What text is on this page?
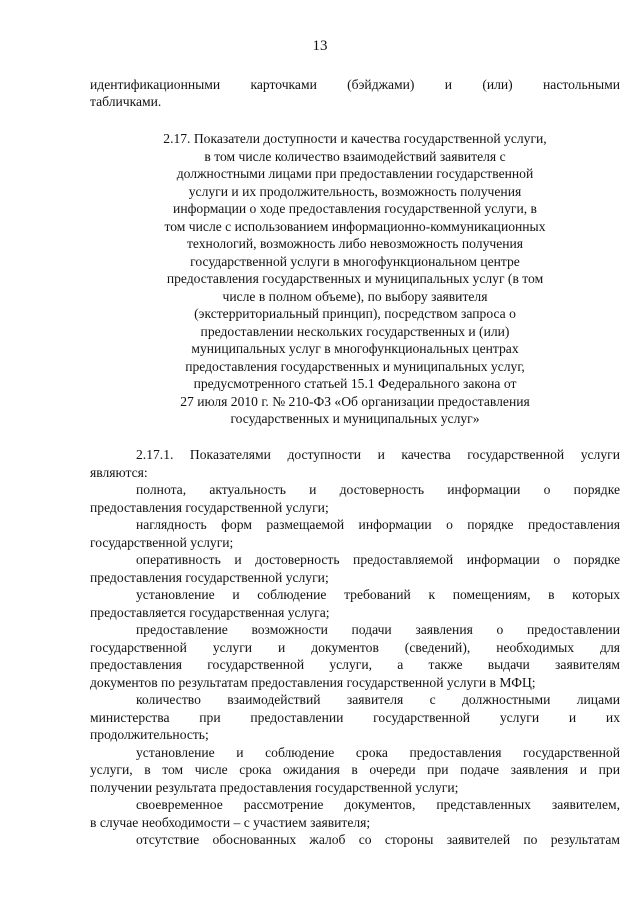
13
идентификационными карточками (бэйджами) и (или) настольными
табличками.
2.17. Показатели доступности и качества государственной услуги,
в том числе количество взаимодействий заявителя с
должностными лицами при предоставлении государственной
услуги и их продолжительность, возможность получения
информации о ходе предоставления государственной услуги, в
том числе с использованием информационно-коммуникационных
технологий, возможность либо невозможность получения
государственной услуги в многофункциональном центре
предоставления государственных и муниципальных услуг (в том
числе в полном объеме), по выбору заявителя
(экстерриториальный принцип), посредством запроса о
предоставлении нескольких государственных и (или)
муниципальных услуг в многофункциональных центрах
предоставления государственных и муниципальных услуг,
предусмотренного статьей 15.1 Федерального закона от
27 июля 2010 г. № 210-ФЗ «Об организации предоставления
государственных и муниципальных услуг»
2.17.1. Показателями доступности и качества государственной услуги
являются:
полнота, актуальность и достоверность информации о порядке
предоставления государственной услуги;
наглядность форм размещаемой информации о порядке предоставления
государственной услуги;
оперативность и достоверность предоставляемой информации о порядке
предоставления государственной услуги;
установление и соблюдение требований к помещениям, в которых
предоставляется государственная услуга;
предоставление возможности подачи заявления о предоставлении
государственной услуги и документов (сведений), необходимых для
предоставления государственной услуги, а также выдачи заявителям
документов по результатам предоставления государственной услуги в МФЦ;
количество взаимодействий заявителя с должностными лицами
министерства при предоставлении государственной услуги и их
продолжительность;
установление и соблюдение срока предоставления государственной
услуги, в том числе срока ожидания в очереди при подаче заявления и при
получении результата предоставления государственной услуги;
своевременное рассмотрение документов, представленных заявителем,
в случае необходимости – с участием заявителя;
отсутствие обоснованных жалоб со стороны заявителей по результатам
